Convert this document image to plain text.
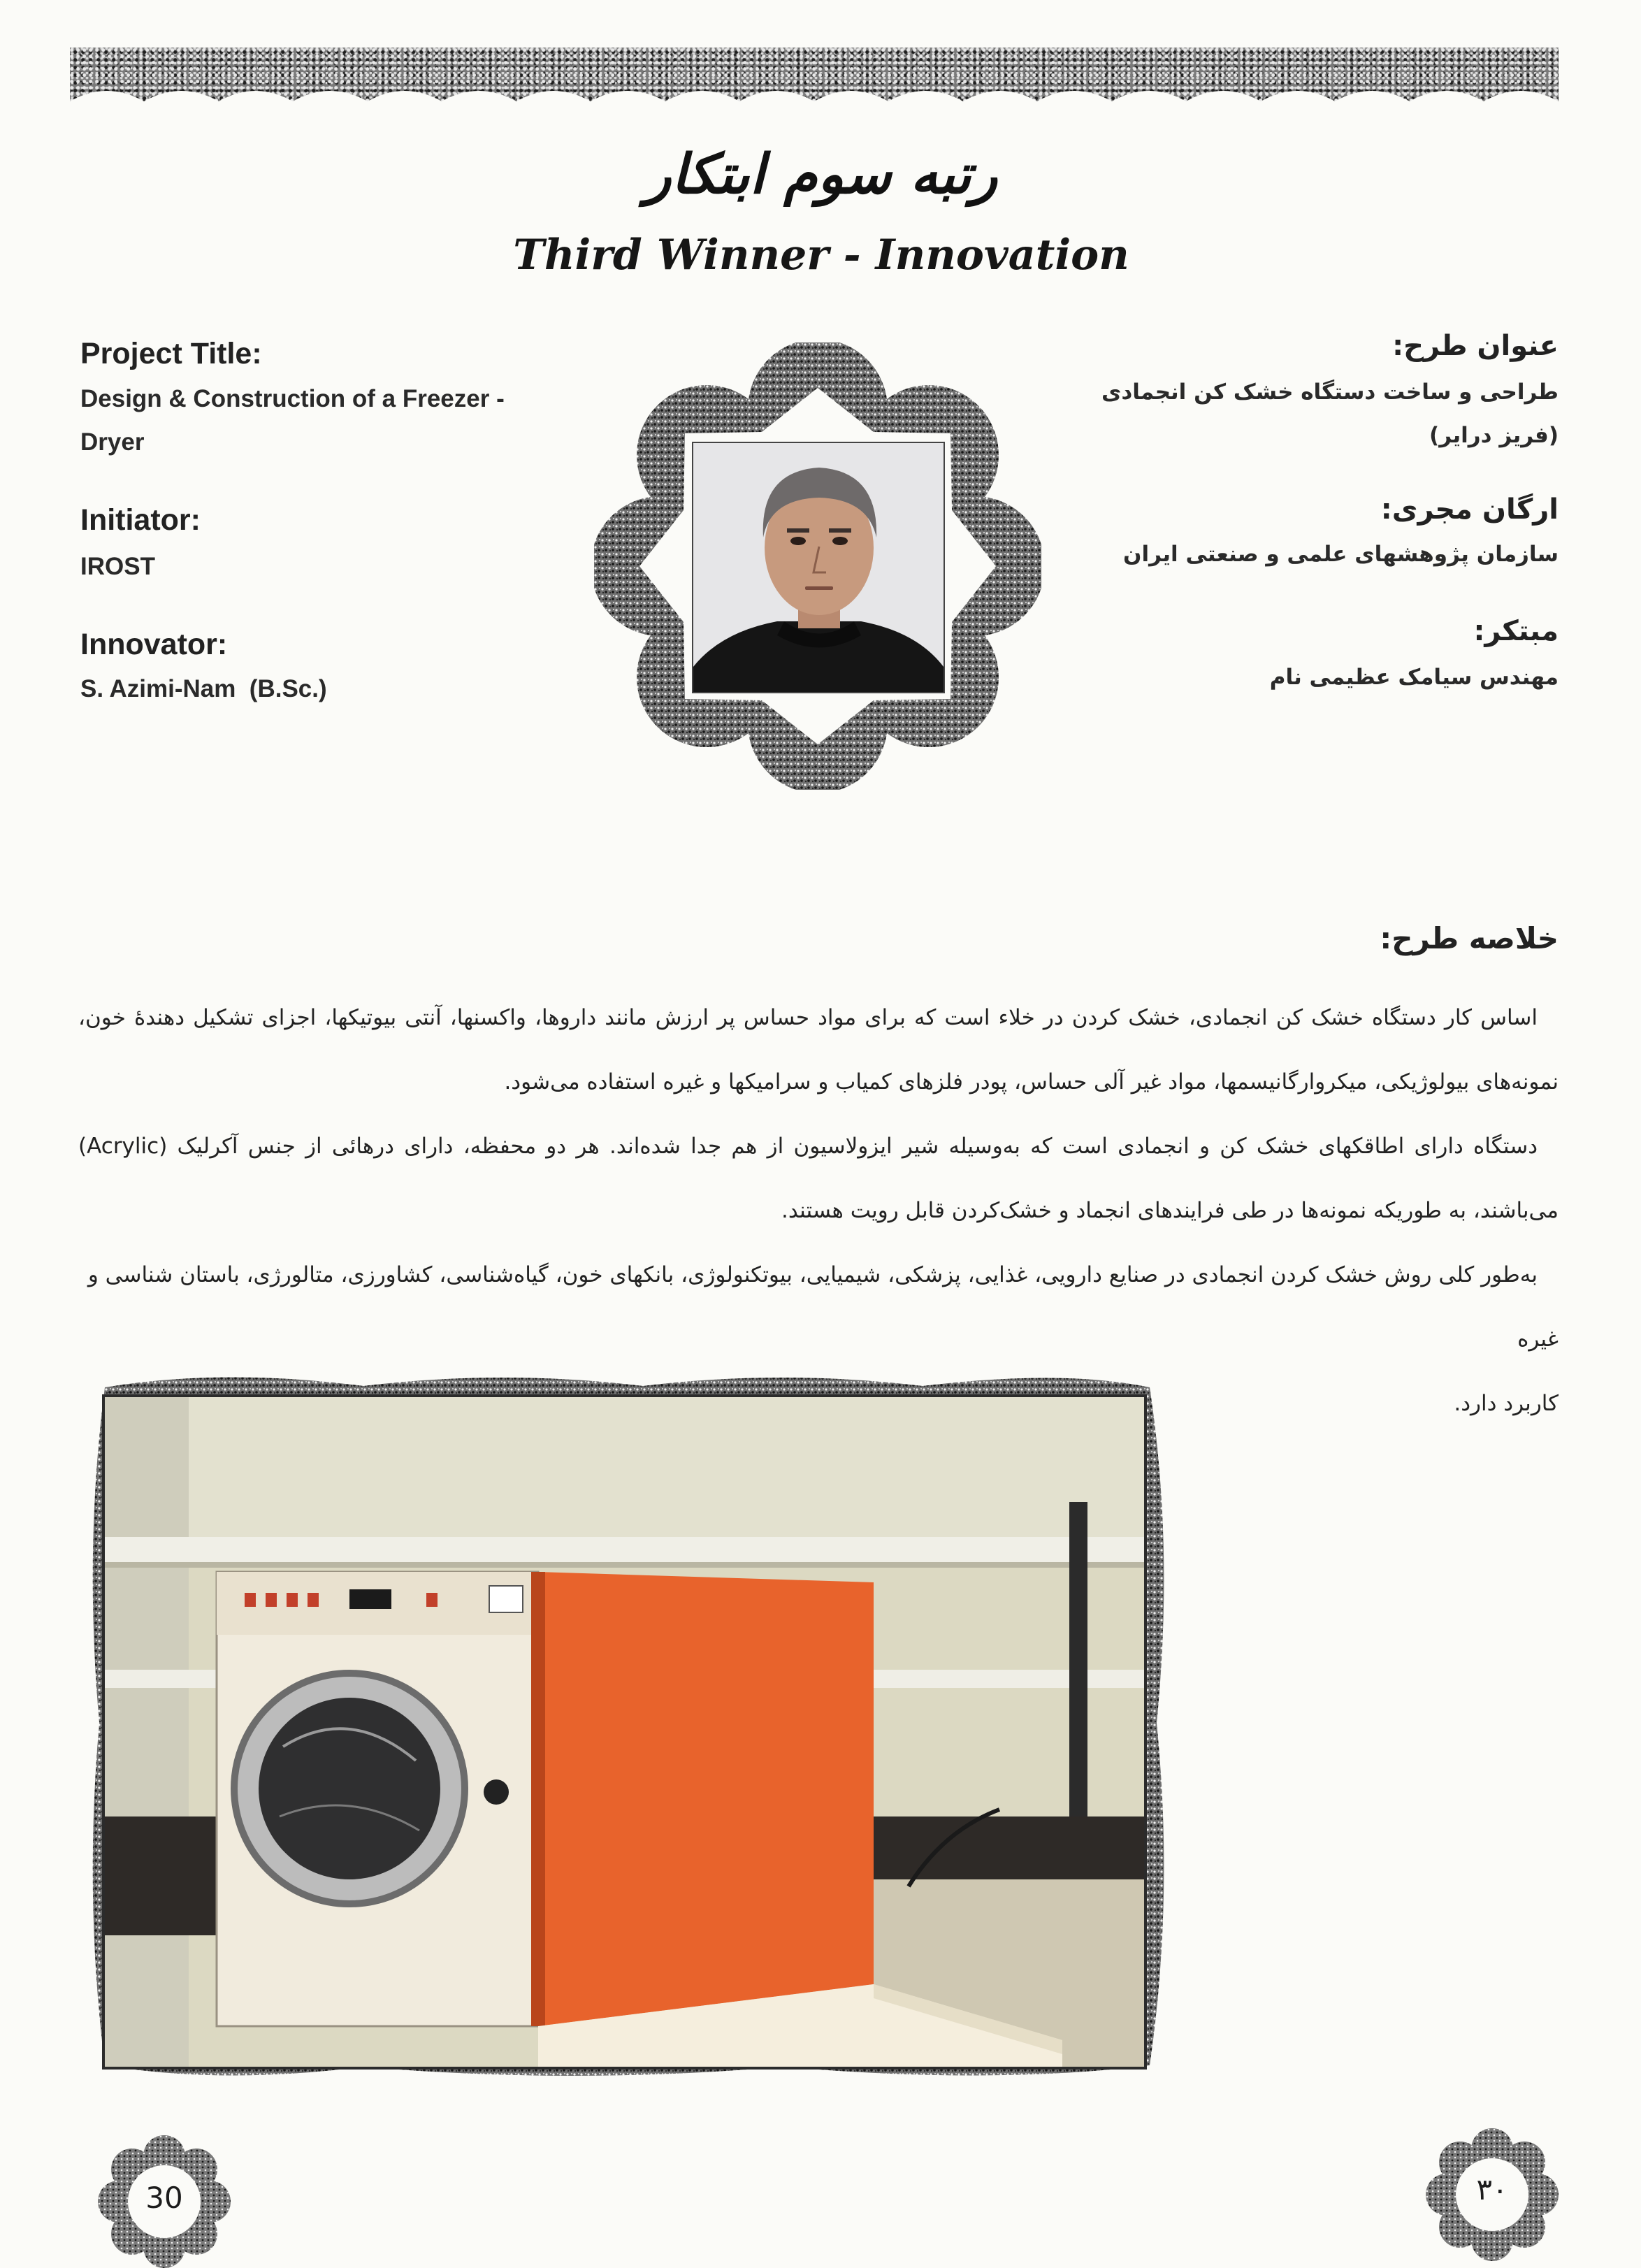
رتبه سوم ابتکار
Third Winner - Innovation
Project Title:
Design & Construction of a Freezer -
Dryer
Initiator:
IROST
Innovator:
S. Azimi-Nam  (B.Sc.)
عنوان طرح:
طراحی و ساخت دستگاه خشک کن انجمادی
(فریز درایر)
ارگان مجری:
سازمان پژوهشهای علمی و صنعتی ایران
مبتکر:
مهندس سیامک عظیمی نام
خلاصه طرح:

اساس کار دستگاه خشک کن انجمادی، خشک کردن در خلاء است که برای مواد حساس پر ارزش مانند داروها، واکسنها، آنتی بیوتیکها، اجزای تشکیل دهندهٔ خون، نمونه‌های بیولوژیکی، میکروارگانیسمها، مواد غیر آلی حساس، پودر فلزهای کمیاب و سرامیکها و غیره استفاده می‌شود.

دستگاه دارای اطاقکهای خشک کن و انجمادی است که به‌وسیله شیر ایزولاسیون از هم جدا شده‌اند. هر دو محفظه، دارای درهائی از جنس آکرلیک (Acrylic) می‌باشند، به طوریکه نمونه‌ها در طی فرایندهای انجماد و خشک‌کردن قابل رویت هستند.

به‌طور کلی روش خشک کردن انجمادی در صنایع دارویی، غذایی، پزشکی، شیمیایی، بیوتکنولوژی، بانکهای خون، گیاه‌شناسی، کشاورزی، متالورژی، باستان شناسی و غیره

کاربرد دارد.

30	۳۰
